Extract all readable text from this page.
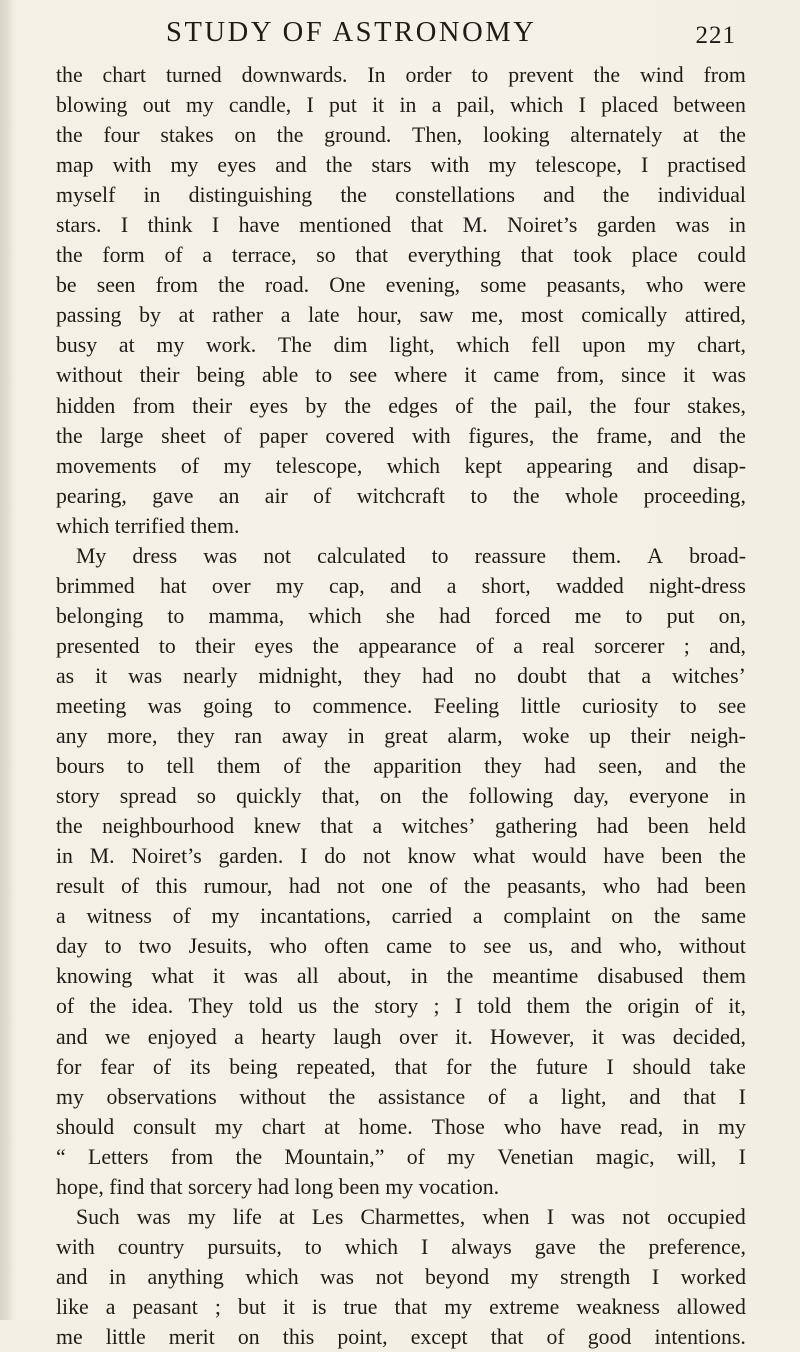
STUDY OF ASTRONOMY	221
the chart turned downwards. In order to prevent the wind from
blowing out my candle, I put it in a pail, which I placed between
the four stakes on the ground. Then, looking alternately at the
map with my eyes and the stars with my telescope, I practised
myself in distinguishing the constellations and the individual
stars. I think I have mentioned that M. Noiret’s garden was in
the form of a terrace, so that everything that took place could
be seen from the road. One evening, some peasants, who were
passing by at rather a late hour, saw me, most comically attired,
busy at my work. The dim light, which fell upon my chart,
without their being able to see where it came from, since it was
hidden from their eyes by the edges of the pail, the four stakes,
the large sheet of paper covered with figures, the frame, and the
movements of my telescope, which kept appearing and disap-
pearing, gave an air of witchcraft to the whole proceeding,
which terrified them.
My dress was not calculated to reassure them. A broad-
brimmed hat over my cap, and a short, wadded night-dress
belonging to mamma, which she had forced me to put on,
presented to their eyes the appearance of a real sorcerer ; and,
as it was nearly midnight, they had no doubt that a witches’
meeting was going to commence. Feeling little curiosity to see
any more, they ran away in great alarm, woke up their neigh-
bours to tell them of the apparition they had seen, and the
story spread so quickly that, on the following day, everyone in
the neighbourhood knew that a witches’ gathering had been held
in M. Noiret’s garden. I do not know what would have been the
result of this rumour, had not one of the peasants, who had been
a witness of my incantations, carried a complaint on the same
day to two Jesuits, who often came to see us, and who, without
knowing what it was all about, in the meantime disabused them
of the idea. They told us the story ; I told them the origin of it,
and we enjoyed a hearty laugh over it. However, it was decided,
for fear of its being repeated, that for the future I should take
my observations without the assistance of a light, and that I
should consult my chart at home. Those who have read, in my
“ Letters from the Mountain,” of my Venetian magic, will, I
hope, find that sorcery had long been my vocation.
Such was my life at Les Charmettes, when I was not occupied
with country pursuits, to which I always gave the preference,
and in anything which was not beyond my strength I worked
like a peasant ; but it is true that my extreme weakness allowed
me little merit on this point, except that of good intentions.
